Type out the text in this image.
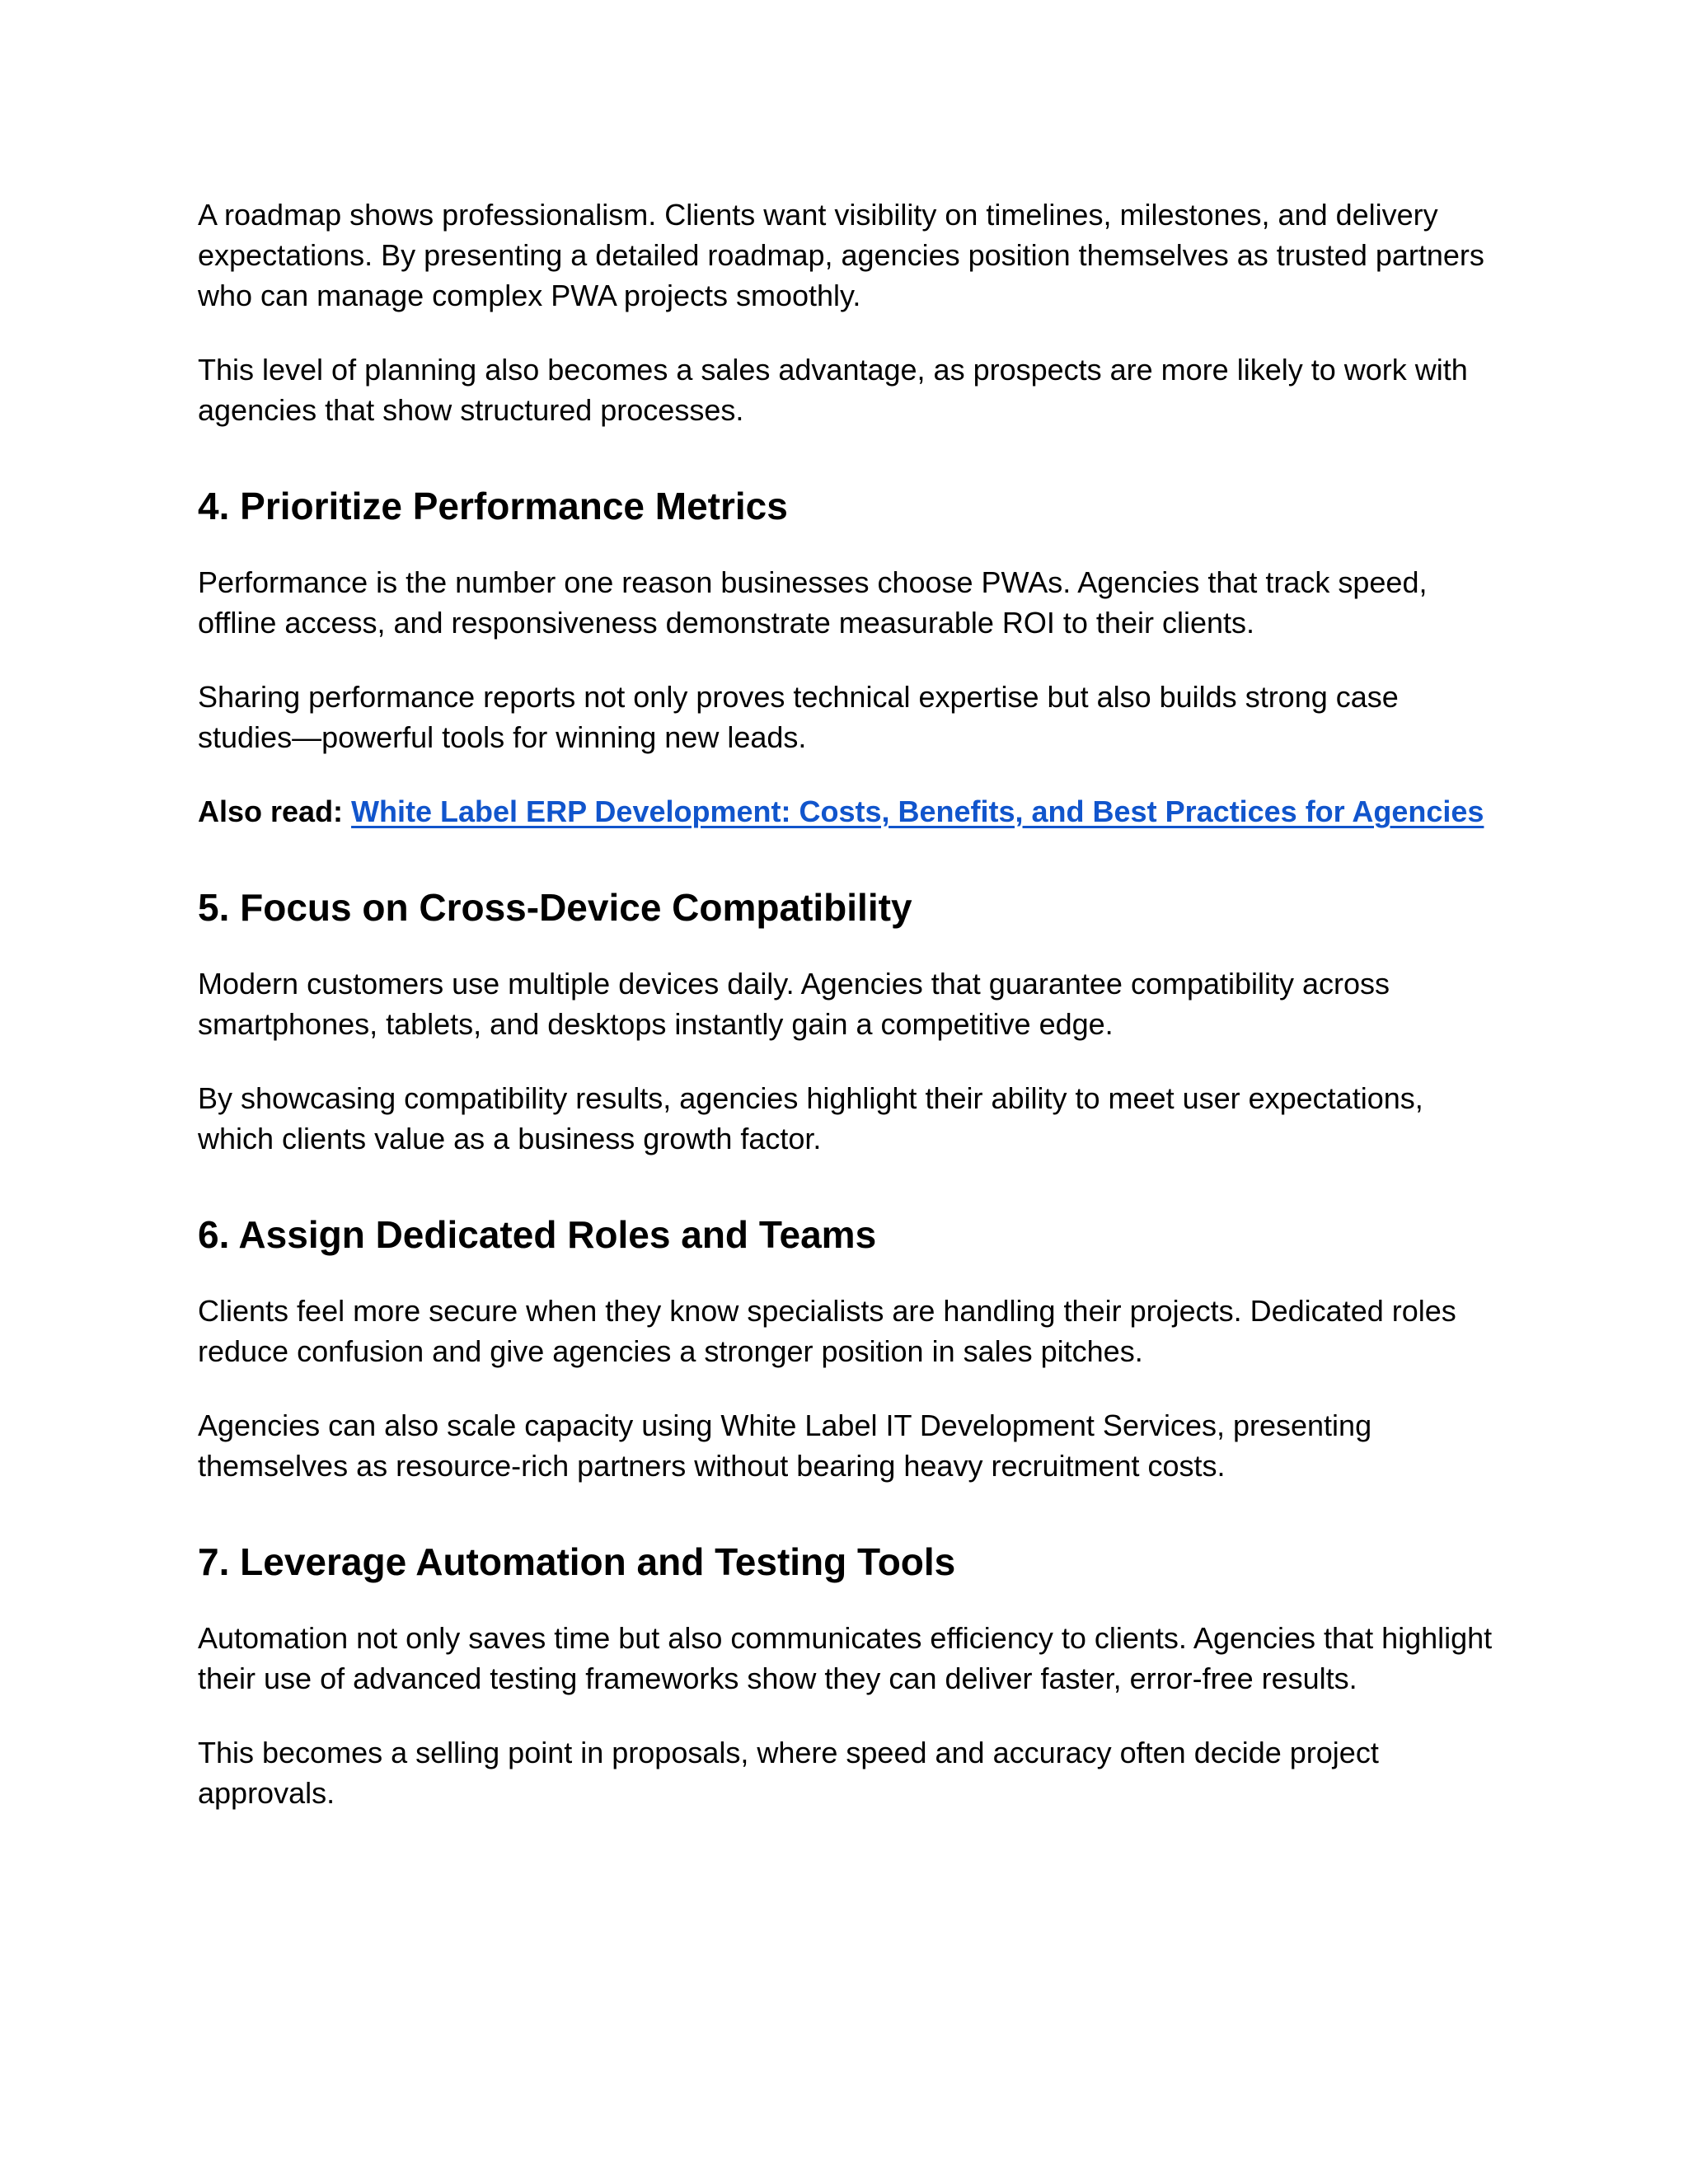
A roadmap shows professionalism. Clients want visibility on timelines, milestones, and delivery expectations. By presenting a detailed roadmap, agencies position themselves as trusted partners who can manage complex PWA projects smoothly.

This level of planning also becomes a sales advantage, as prospects are more likely to work with agencies that show structured processes.

4. Prioritize Performance Metrics

Performance is the number one reason businesses choose PWAs. Agencies that track speed, offline access, and responsiveness demonstrate measurable ROI to their clients.

Sharing performance reports not only proves technical expertise but also builds strong case studies—powerful tools for winning new leads.

Also read: White Label ERP Development: Costs, Benefits, and Best Practices for Agencies

5. Focus on Cross-Device Compatibility

Modern customers use multiple devices daily. Agencies that guarantee compatibility across smartphones, tablets, and desktops instantly gain a competitive edge.

By showcasing compatibility results, agencies highlight their ability to meet user expectations, which clients value as a business growth factor.

6. Assign Dedicated Roles and Teams

Clients feel more secure when they know specialists are handling their projects. Dedicated roles reduce confusion and give agencies a stronger position in sales pitches.

Agencies can also scale capacity using White Label IT Development Services, presenting themselves as resource-rich partners without bearing heavy recruitment costs.

7. Leverage Automation and Testing Tools

Automation not only saves time but also communicates efficiency to clients. Agencies that highlight their use of advanced testing frameworks show they can deliver faster, error-free results.

This becomes a selling point in proposals, where speed and accuracy often decide project approvals.
